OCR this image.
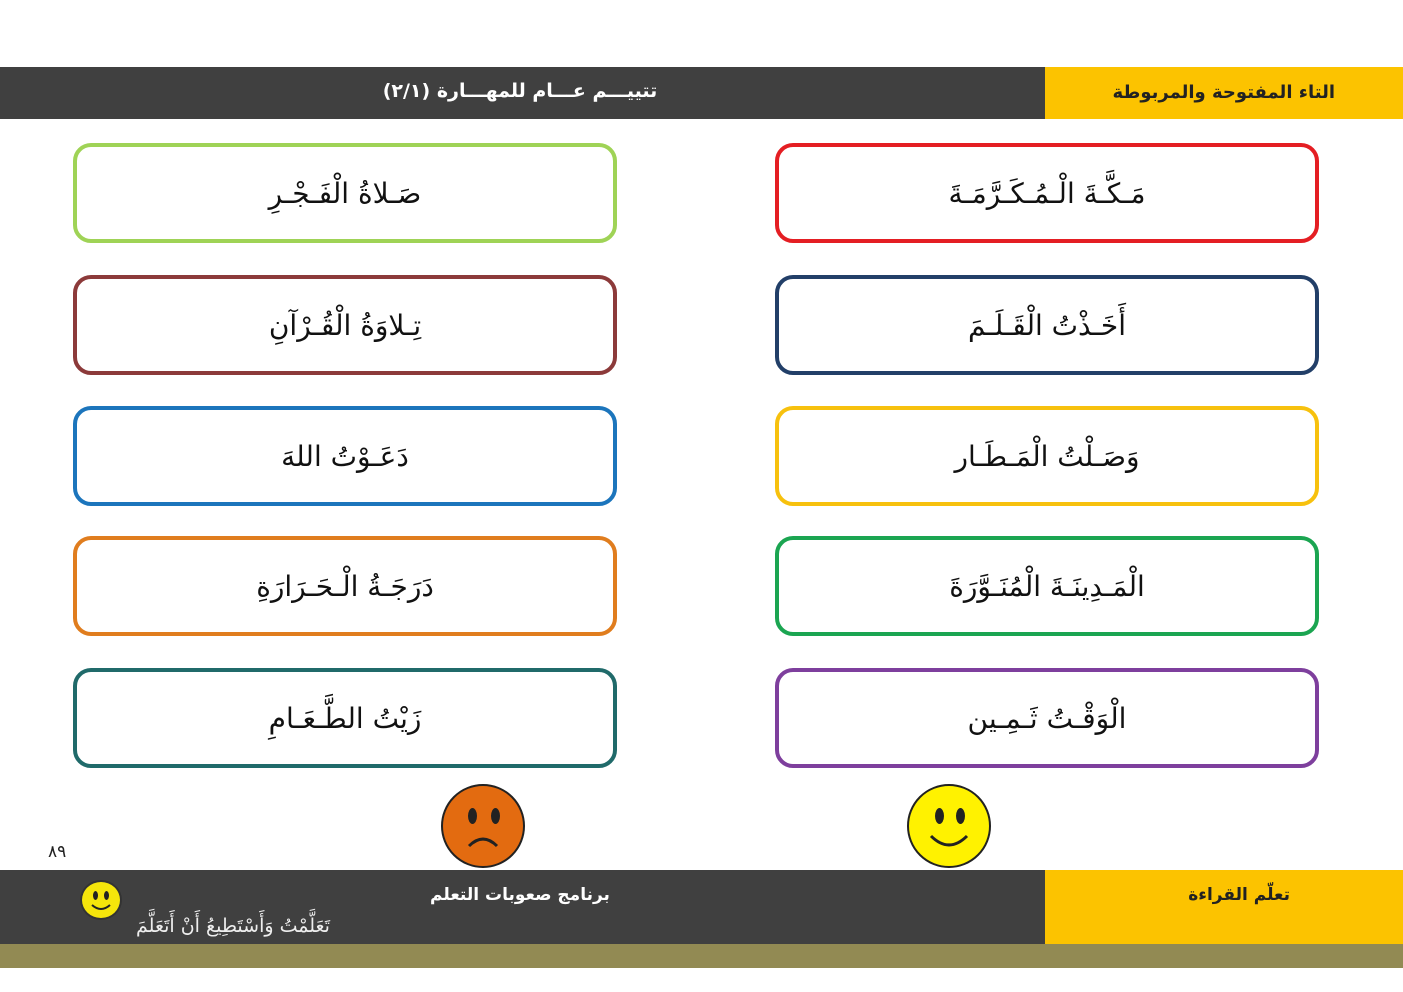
تتييـــم عـــام للمهـــارة (٢/١)	التاء المفتوحة والمربوطة
مَـكَّـةَ الْـمُـكَـرَّمَـةَ
أَخَـذْتُ الْقَـلَـمَ
وَصَـلْتُ الْمَـطَـار
الْمَـدِينَـةَ الْمُنَـوَّرَةَ
الْوَقْـتُ ثَـمِـين
صَـلاةُ الْفَـجْـرِ
تِـلاوَةُ الْقُـرْآنِ
دَعَـوْتُ اللهَ
دَرَجَـةُ الْـحَـرَارَةِ
زَيْتُ الطَّـعَـامِ
٨٩
برنامج صعوبات التعلم	تعلّم القراءة
تَعَلَّمْتُ وَأَسْتَطِيعُ أَنْ أَتَعَلَّمَ
